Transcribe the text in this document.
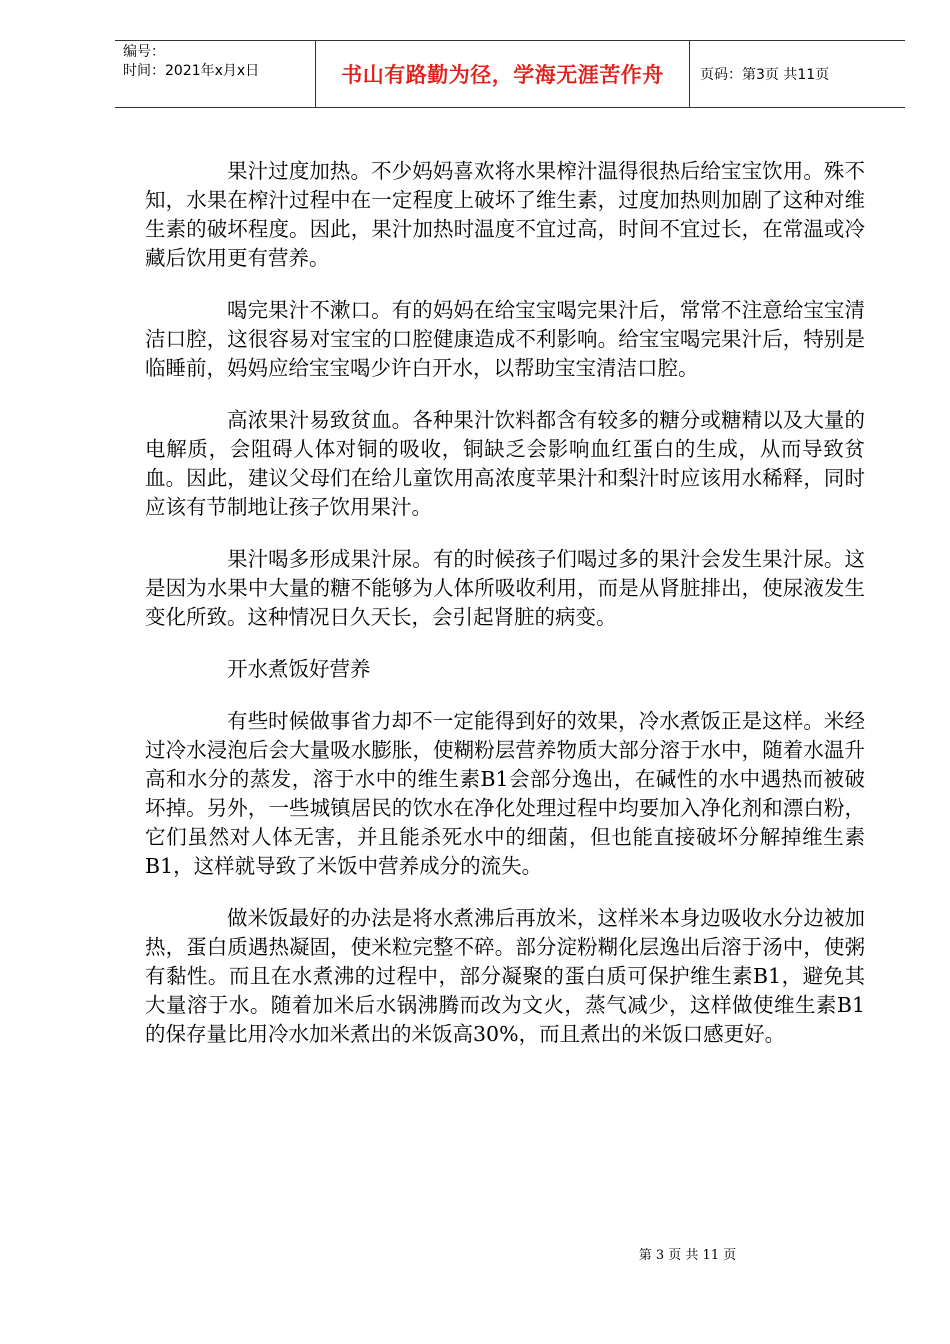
编号：
时间：2021年x月x日	书山有路勤为径，学海无涯苦作舟	页码：第3页 共11页

果汁过度加热。不少妈妈喜欢将水果榨汁温得很热后给宝宝饮用。殊不知，水果在榨汁过程中在一定程度上破坏了维生素，过度加热则加剧了这种对维生素的破坏程度。因此，果汁加热时温度不宜过高，时间不宜过长，在常温或冷藏后饮用更有营养。

喝完果汁不漱口。有的妈妈在给宝宝喝完果汁后，常常不注意给宝宝清洁口腔，这很容易对宝宝的口腔健康造成不利影响。给宝宝喝完果汁后，特别是临睡前，妈妈应给宝宝喝少许白开水，以帮助宝宝清洁口腔。

高浓果汁易致贫血。各种果汁饮料都含有较多的糖分或糖精以及大量的电解质，会阻碍人体对铜的吸收，铜缺乏会影响血红蛋白的生成，从而导致贫血。因此，建议父母们在给儿童饮用高浓度苹果汁和梨汁时应该用水稀释，同时应该有节制地让孩子饮用果汁。

果汁喝多形成果汁尿。有的时候孩子们喝过多的果汁会发生果汁尿。这是因为水果中大量的糖不能够为人体所吸收利用，而是从肾脏排出，使尿液发生变化所致。这种情况日久天长，会引起肾脏的病变。

开水煮饭好营养

有些时候做事省力却不一定能得到好的效果，冷水煮饭正是这样。米经过冷水浸泡后会大量吸水膨胀，使糊粉层营养物质大部分溶于水中，随着水温升高和水分的蒸发，溶于水中的维生素B1会部分逸出，在碱性的水中遇热而被破坏掉。另外，一些城镇居民的饮水在净化处理过程中均要加入净化剂和漂白粉，它们虽然对人体无害，并且能杀死水中的细菌，但也能直接破坏分解掉维生素B1，这样就导致了米饭中营养成分的流失。

做米饭最好的办法是将水煮沸后再放米，这样米本身边吸收水分边被加热，蛋白质遇热凝固，使米粒完整不碎。部分淀粉糊化层逸出后溶于汤中，使粥有黏性。而且在水煮沸的过程中，部分凝聚的蛋白质可保护维生素B1，避免其大量溶于水。随着加米后水锅沸腾而改为文火，蒸气减少，这样做使维生素B1的保存量比用冷水加米煮出的米饭高30%，而且煮出的米饭口感更好。

第 3 页 共 11 页
